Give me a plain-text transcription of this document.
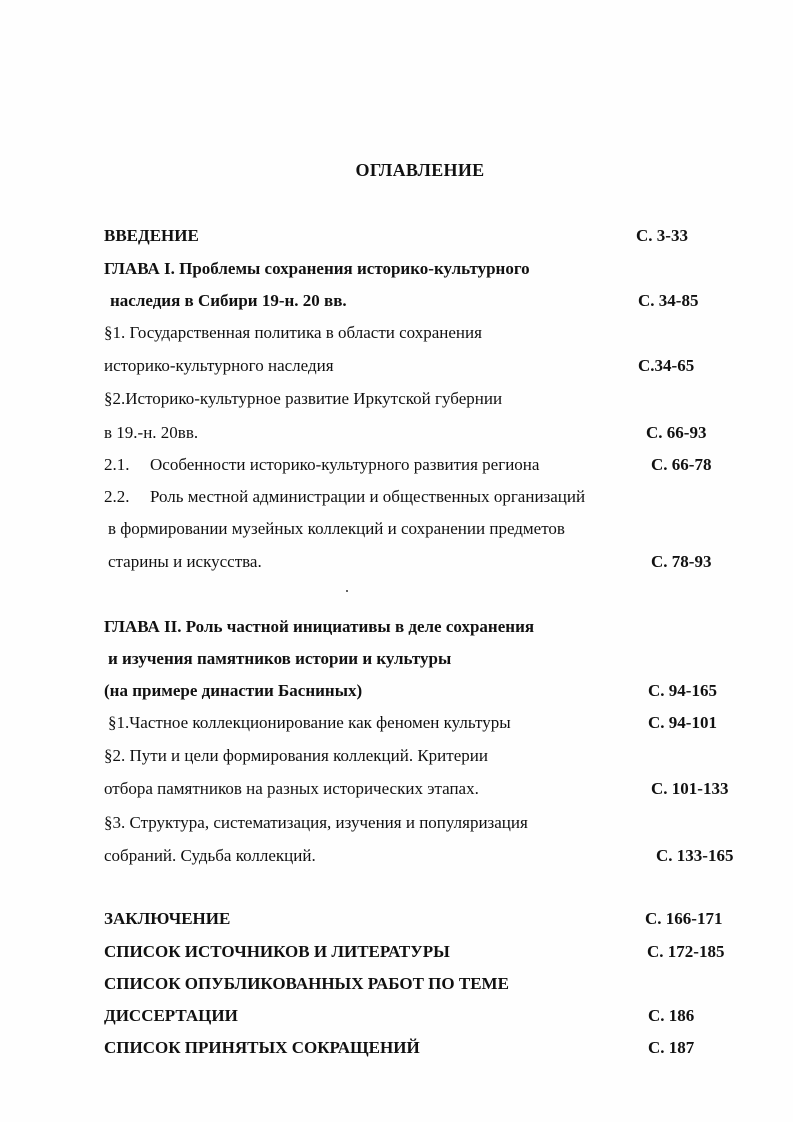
ОГЛАВЛЕНИЕ
ВВЕДЕНИЕ	С. 3-33
ГЛАВА I. Проблемы сохранения историко-культурного
наследия в Сибири 19-н. 20 вв.	С. 34-85
§1. Государственная политика в области сохранения
историко-культурного наследия	С.34-65
§2.Историко-культурное развитие Иркутской губернии
в 19.-н. 20вв.	С. 66-93
2.1. Особенности историко-культурного развития региона	С. 66-78
2.2. Роль местной администрации и общественных организаций
в формировании музейных коллекций и сохранении предметов
старины и искусства.	С. 78-93
ГЛАВА II. Роль частной инициативы в деле сохранения
и изучения памятников истории и культуры
(на примере династии Басниных)	С. 94-165
§1.Частное коллекционирование как феномен культуры	С. 94-101
§2. Пути и цели формирования коллекций. Критерии
отбора памятников на разных исторических этапах.	С. 101-133
§3. Структура, систематизация, изучения и популяризация
собраний. Судьба коллекций.	С. 133-165
ЗАКЛЮЧЕНИЕ	С. 166-171
СПИСОК ИСТОЧНИКОВ И ЛИТЕРАТУРЫ	С. 172-185
СПИСОК ОПУБЛИКОВАННЫХ РАБОТ ПО ТЕМЕ
ДИССЕРТАЦИИ	С. 186
СПИСОК ПРИНЯТЫХ СОКРАЩЕНИЙ	С. 187
